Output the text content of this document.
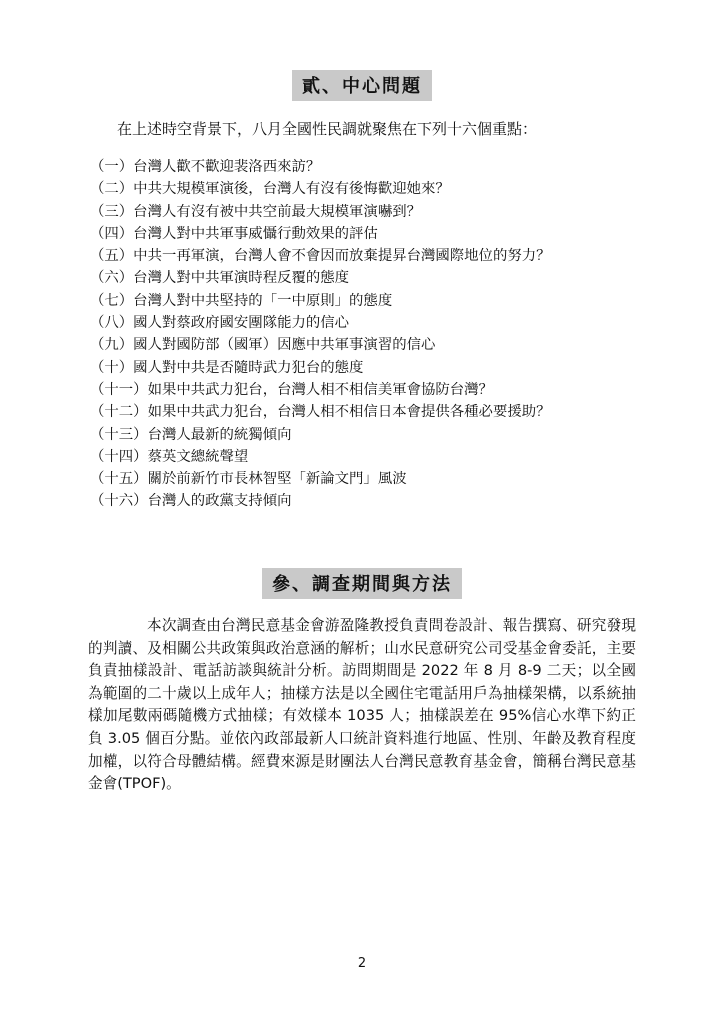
貳、中心問題

在上述時空背景下，八月全國性民調就聚焦在下列十六個重點：

（一）台灣人歡不歡迎裴洛西來訪？
（二）中共大規模軍演後，台灣人有沒有後悔歡迎她來？
（三）台灣人有沒有被中共空前最大規模軍演嚇到？
（四）台灣人對中共軍事威懾行動效果的評估
（五）中共一再軍演，台灣人會不會因而放棄提昇台灣國際地位的努力？
（六）台灣人對中共軍演時程反覆的態度
（七）台灣人對中共堅持的「一中原則」的態度
（八）國人對蔡政府國安團隊能力的信心
（九）國人對國防部（國軍）因應中共軍事演習的信心
（十）國人對中共是否隨時武力犯台的態度
（十一）如果中共武力犯台，台灣人相不相信美軍會協防台灣？
（十二）如果中共武力犯台，台灣人相不相信日本會提供各種必要援助？
（十三）台灣人最新的統獨傾向
（十四）蔡英文總統聲望
（十五）關於前新竹市長林智堅「新論文門」風波
（十六）台灣人的政黨支持傾向
參、調查期間與方法

本次調查由台灣民意基金會游盈隆教授負責問卷設計、報告撰寫、研究發現的判讀、及相關公共政策與政治意涵的解析；山水民意研究公司受基金會委託，主要負責抽樣設計、電話訪談與統計分析。訪問期間是 2022 年 8 月 8-9 二天；以全國為範圍的二十歲以上成年人；抽樣方法是以全國住宅電話用戶為抽樣架構，以系統抽樣加尾數兩碼隨機方式抽樣；有效樣本 1035 人；抽樣誤差在 95%信心水準下約正負 3.05 個百分點。並依內政部最新人口統計資料進行地區、性別、年齡及教育程度加權，以符合母體結構。經費來源是財團法人台灣民意教育基金會，簡稱台灣民意基金會(TPOF)。

2
